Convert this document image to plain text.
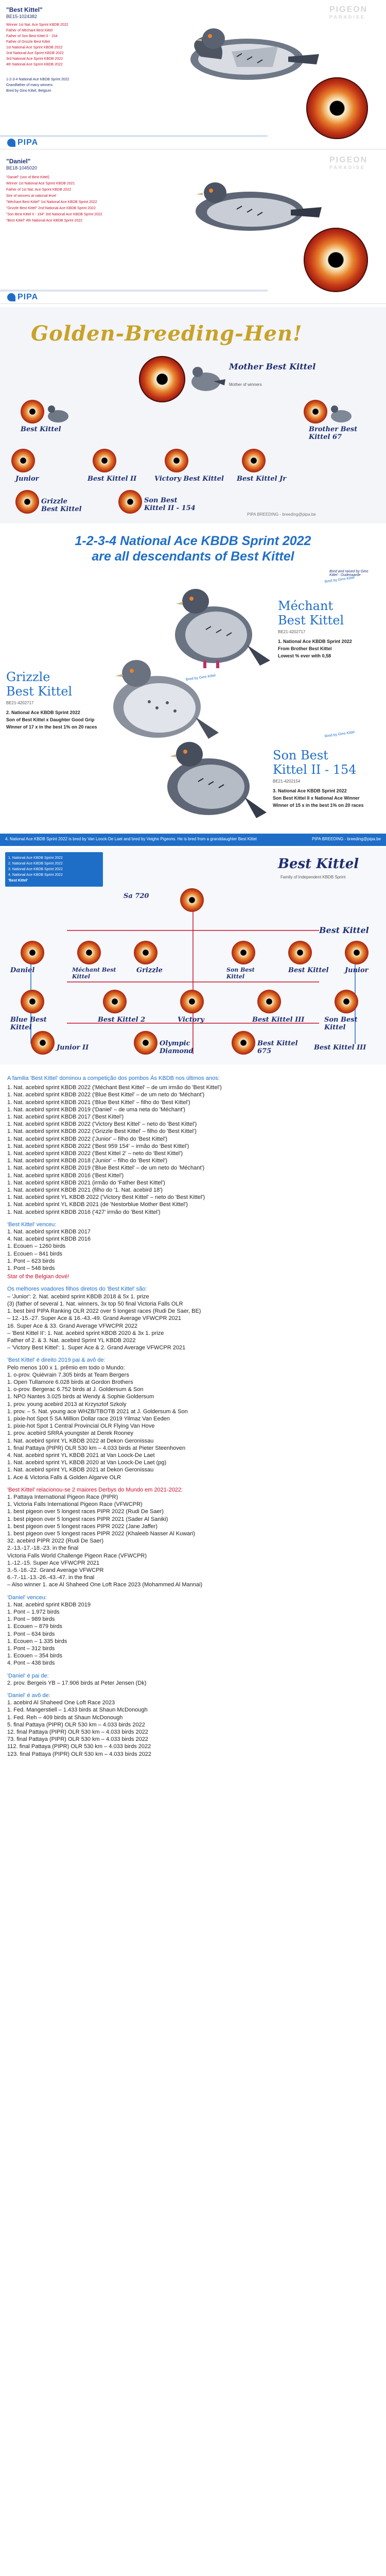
PIGEON
PARADISE
"Best Kittel"
BE15-1024382

Winner 1st Nat. Ace Sprint KBDB 2022

Father of Méchant Best Kittel

Father of Son Best Kittel II - 154

Father of Grizzle Best Kittel

1st National Ace Sprint KBDB 2022

2nd National Ace Sprint KBDB 2022

3rd National Ace Sprint KBDB 2022

4th National Ace Sprint KBDB 2022

1-2-3-4 National Ace KBDB Sprint 2022

Grandfather of many winners

Bred by Gino Kittel, Belgium

PIPA
PIGEON
PARADISE
"Daniel"
BE18-1045020

"Daniel" (son of Best Kittel)

Winner 1st National Ace Sprint KBDB 2021

Father of 1st Nat. Ace Sprint KBDB 2022

Sire of winners at national level

"Méchant Best Kittel" 1st National Ace KBDB Sprint 2022

"Grizzle Best Kittel" 2nd National Ace KBDB Sprint 2022

"Son Best Kittel II - 154" 3rd National Ace KBDB Sprint 2022

"Best Kittel" 4th National Ace KBDB Sprint 2022

PIPA
Golden-Breeding-Hen!
Mother Best Kittel
Mother of winners
Best Kittel	Brother Best Kittel 67
Junior	Best Kittel II	Victory Best Kittel Best Kittel Jr
Grizzle Best Kittel
Son Best Kittel II - 154
PIPA BREEDING - breeding@pipa.be
1-2-3-4 National Ace KBDB Sprint 2022
are all descendants of Best Kittel
Bred and raised by Gino Kittel - Oudenaarde
Méchant
Best Kittel
BE21-4202717
1. National Ace KBDB Sprint 2022
From Brother Best Kittel
Lowest % ever with 0,58
Bred by Gino Kittel
Grizzle
Best Kittel
BE21-4202717
2. National Ace KBDB Sprint 2022
Son of Best Kittel x Daughter Good Grip
Winner of 17 x in the best 1% on 20 races
Bred by Gino Kittel
Son Best
Kittel II - 154
BE21-4202154
3. National Ace KBDB Sprint 2022
Son Best Kittel II x National Ace Winner
Winner of 15 x in the best 1% on 20 races
Bred by Gino Kittel
4. National Ace KBDB Sprint 2022 is bred by Van Loock-De Laet and bred by Veighe Pigeons. He is bred from a granddaughter Best Kittel	PIPA BREEDING - breeding@pipa.be
1. National Ace KBDB Sprint 2022
2. National Ace KBDB Sprint 2022
3. National Ace KBDB Sprint 2022
4. National Ace KBDB Sprint 2022
'Best Kittel'
Best Kittel
Family of Independent KBDB Sprint
Sa 720
Best Kittel
Daniel	Méchant Best Kittel
Grizzle	Son Best Kittel
Best Kittel Junior
Blue Best Kittel
Best Kittel 2	Victory	Best Kittel III	Son Best Kittel
Junior II
Olympic Diamond
Best Kittel 675	Best Kittel III

A familia 'Best Kittel' dominou a competição dos pombos Ás KBDB nos últimos anos:

1. Nat. acebird sprint KBDB 2022 ('Méchant Best Kittel' – de um irmão do 'Best Kittel')

1. Nat. acebird sprint KBDB 2022 ('Blue Best Kittel' – de um neto do 'Méchant')

1. Nat. acebird sprint KBDB 2021 ('Blue Best Kittel' – filho do 'Best Kittel')

1. Nat. acebird sprint KBDB 2019 ('Daniel' – de uma neta do 'Méchant')

1. Nat. acebird sprint KBDB 2017 ('Best Kittel')

1. Nat. acebird sprint KBDB 2022 ('Victory Best Kittel' – neto do 'Best Kittel')

1. Nat. acebird sprint KBDB 2022 ('Grizzle Best Kittel' – filho do 'Best Kittel')

1. Nat. acebird sprint KBDB 2022 ('Junior' – filho do 'Best Kittel')

1. Nat. acebird sprint KBDB 2022 ('Best 959 154' – irmão do 'Best Kittel')

1. Nat. acebird sprint KBDB 2022 ('Best Kittel 2' – neto do 'Best Kittel')

1. Nat. acebird sprint KBDB 2018 ('Junior' – filho do 'Best Kittel')

1. Nat. acebird sprint KBDB 2019 ('Blue Best Kittel' – de um neto do 'Méchant')

1. Nat. acebird sprint KBDB 2016 ('Best Kittel')

1. Nat. acebird sprint KBDB 2021 (irmão do 'Father Best Kittel')

1. Nat. acebird sprint KBDB 2021 (filho do '1. Nat. acebird 18')

1. Nat. acebird sprint YL KBDB 2022 ('Victory Best Kittel' – neto do 'Best Kittel')

1. Nat. acebird sprint YL KBDB 2021 (de 'Nestorblue Mother Best Kittel')

1. Nat. acebird sprint KBDB 2016 ('427' irmão do 'Best Kittel')

'Best Kittel' venceu:

1. Nat. acebird sprint KBDB 2017

4. Nat. acebird sprint KBDB 2016

1. Ecouen – 1260 birds

1. Ecouen – 841 birds

1. Pont – 623 birds

1. Pont – 548 birds

Star of the Belgian dové!

Os melhores voadores filhos diretos do 'Best Kittel' são:

– 'Junior': 2. Nat. acebird sprint KBDB 2018 & 5x 1. prize

(3) (father of several 1. Nat. winners, 3x top 50 final Victoria Falls OLR

1. best bird PIPA Ranking OLR 2022 over 5 longest races (Rudi De Saer, BE)

– 12.-15.-27. Super Ace & 16.-43.-49. Grand Average VFWCPR 2021

16. Super Ace & 33. Grand Average VFWCPR 2022

– 'Best Kittel II': 1. Nat. acebird sprint KBDB 2020 & 3x 1. prize

Father of 2. & 3. Nat. acebird Sprint YL KBDB 2022

– 'Victory Best Kittel': 1. Super Ace & 2. Grand Average VFWCPR 2021

'Best Kittel' é direito 2019 pai & avô de:

Pelo menos 100 x 1. prêmio em todo o Mundo:

1. o-prov. Quiévrain 7.305 birds at Team Bergers

1. Open Tullamore 6.028 birds at Gordon Brothers

1. o-prov. Bergerac 6.752 birds at J. Goldersum & Son

1. NPO Nantes 3.025 birds at Wendy & Sophie Goldersum

1. prov. young acebird 2013 at Krzysztof Szkoly

1. prov. – 5. Nat. young ace WHZB/TBOTB 2021 at J. Goldersum & Son

1. pixie-hot Spot 5 SA Million Dollar race 2019 Yilmaz Van Eeden

1. pixie-hot Spot 1 Central Provincial OLR Flying Van Hove

1. prov. acebird SRRA youngster at Derek Rooney

1. Nat. acebird sprint YL KBDB 2022 at Dekon Geronissau

1. final Pattaya (PIPR) OLR 530 km – 4.033 birds at Pieter Steenhoven

4. Nat. acebird sprint YL KBDB 2021 at Van Loock-De Laet

1. Nat. acebird sprint YL KBDB 2020 at Van Loock-De Laet (pg)

1. Nat. acebird sprint YL KBDB 2021 at Dekon Geronissau

1. Ace & Victoria Falls & Golden Algarve OLR

'Best Kittel' relacionou-se 2 maiores Derbys do Mundo em 2021-2022:

1. Pattaya International Pigeon Race (PIPR)

1. Victoria Falls International Pigeon Race (VFWCPR)

1. best pigeon over 5 longest races PIPR 2022 (Rudi De Saer)

1. best pigeon over 5 longest races PIPR 2021 (Sader Al Saniki)

1. best pigeon over 5 longest races PIPR 2022 (Jane Jaffer)

1. best pigeon over 5 longest races PIPR 2022 (Khaleeb Nasser Al Kuwari)

32. acebird PIPR 2022 (Rudi De Saer)

2.-13.-17.-18.-23. in the final

Victoria Falls World Challenge Pigeon Race (VFWCPR)

1.-12.-15. Super Ace VFWCPR 2021

3.-5.-16.-22. Grand Average VFWCPR

6.-7.-11.-13.-26.-43.-47. in the final

– Also winner 1. ace Al Shaheed One Loft Race 2023 (Mohammed Al Mannai)

'Daniel' venceu:

1. Nat. acebird sprint KBDB 2019

1. Pont – 1.972 birds

1. Pont – 989 birds

1. Ecouen – 879 birds

1. Pont – 634 birds

1. Ecouen – 1.335 birds

1. Pont – 312 birds

1. Ecouen – 354 birds

4. Pont – 438 birds

'Daniel' é pai de:

2. prov. Bergeis YB – 17.906 birds at Peter Jensen (Dk)

'Daniel' é avô de:

1. acebird Al Shaheed One Loft Race 2023

1. Fed. Mangerstiell – 1.433 birds at Shaun McDonough

1. Fed. Reh – 409 birds at Shaun McDonough

5. final Pattaya (PIPR) OLR 530 km – 4.033 birds 2022

12. final Pattaya (PIPR) OLR 530 km – 4.033 birds 2022

73. final Pattaya (PIPR) OLR 530 km – 4.033 birds 2022

112. final Pattaya (PIPR) OLR 530 km – 4.033 birds 2022

123. final Pattaya (PIPR) OLR 530 km – 4.033 birds 2022
